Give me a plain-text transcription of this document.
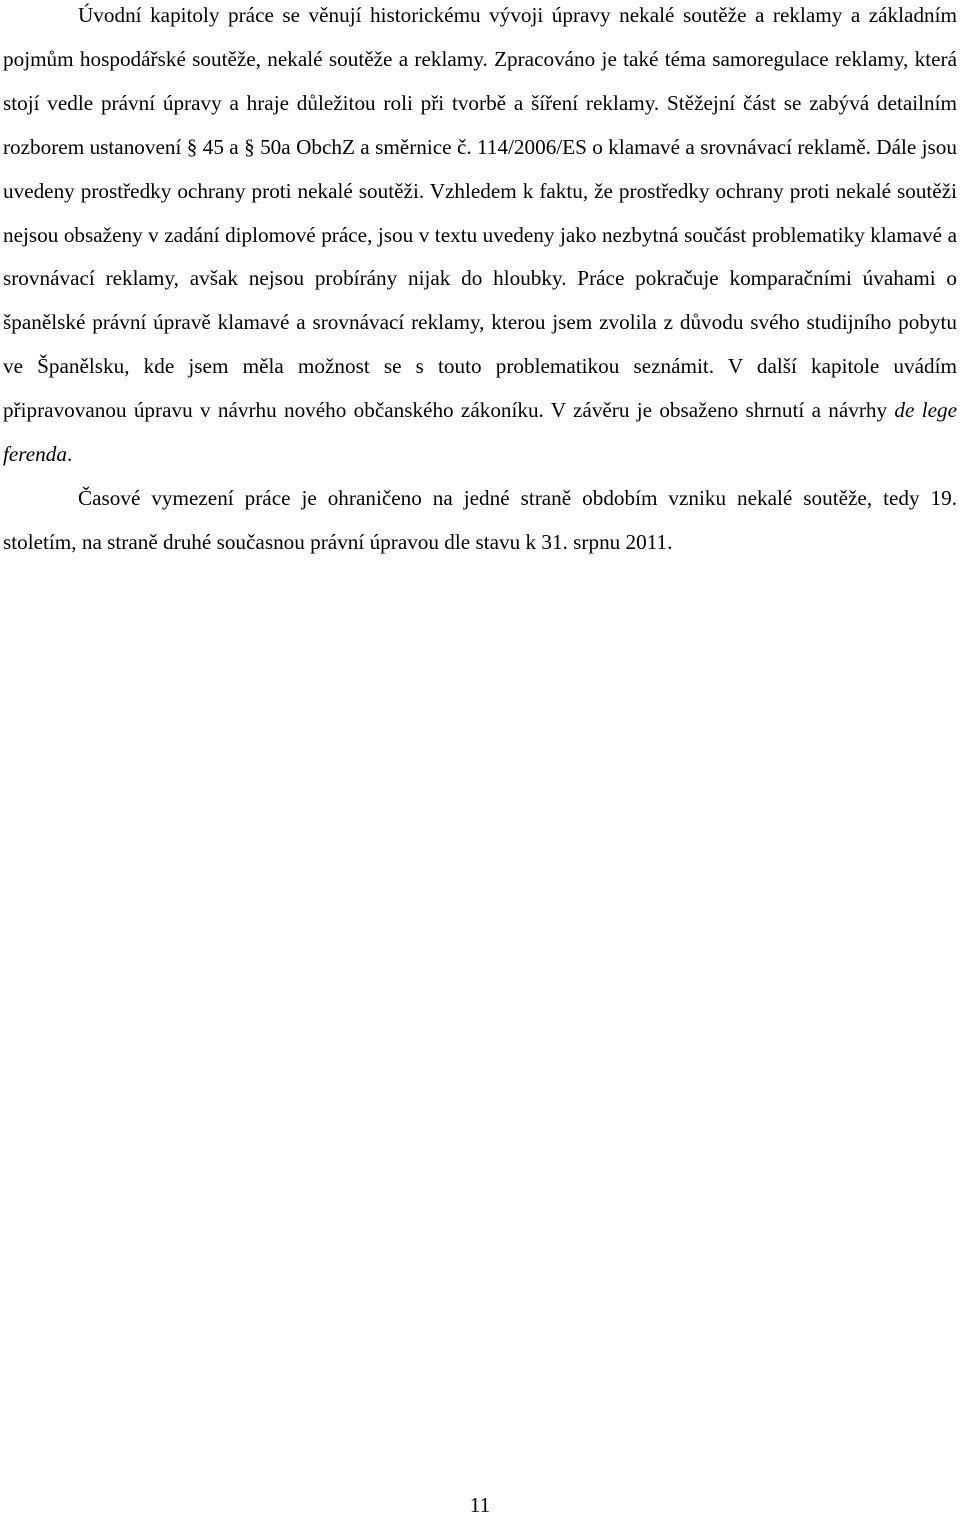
Úvodní kapitoly práce se věnují historickému vývoji úpravy nekalé soutěže a reklamy a základním pojmům hospodářské soutěže, nekalé soutěže a reklamy. Zpracováno je také téma samoregulace reklamy, která stojí vedle právní úpravy a hraje důležitou roli při tvorbě a šíření reklamy. Stěžejní část se zabývá detailním rozborem ustanovení § 45 a § 50a ObchZ a směrnice č. 114/2006/ES o klamavé a srovnávací reklamě. Dále jsou uvedeny prostředky ochrany proti nekalé soutěži. Vzhledem k faktu, že prostředky ochrany proti nekalé soutěži nejsou obsaženy v zadání diplomové práce, jsou v textu uvedeny jako nezbytná součást problematiky klamavé a srovnávací reklamy, avšak nejsou probírány nijak do hloubky. Práce pokračuje komparačními úvahami o španělské právní úpravě klamavé a srovnávací reklamy, kterou jsem zvolila z důvodu svého studijního pobytu ve Španělsku, kde jsem měla možnost se s touto problematikou seznámit. V další kapitole uvádím připravovanou úpravu v návrhu nového občanského zákoníku. V závěru je obsaženo shrnutí a návrhy de lege ferenda.

Časové vymezení práce je ohraničeno na jedné straně obdobím vzniku nekalé soutěže, tedy 19. stoletím, na straně druhé současnou právní úpravou dle stavu k 31. srpnu 2011.

11
